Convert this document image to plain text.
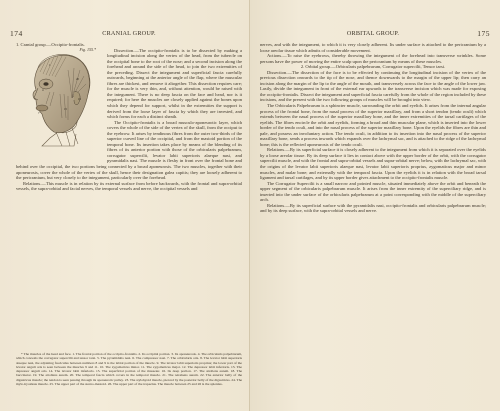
174	CRANIAL GROUP.

1. Cranial group.—Occipito-frontalis.

Fig. 155.*
1
20
4
15
19
7

Dissection.—The occipito-frontalis is to be dissected by making a longitudinal incision along the vertex of the head, from the tubercle on the occipital bone to the root of the nose; and a second incision along the forehead and around the side of the head, to join the two extremities of the preceding. Dissect the integument and superficial fascia carefully outwards, beginning at the anterior angle of the flap, where the muscular fibres are thickest, and remove it altogether. This dissection requires care; for the muscle is very thin, and, without attention, would be raised with the integument. There is no deep fascia on the face and head, nor is it required; for here the muscles are closely applied against the bones upon which they depend for support, whilst in the extremities the support is derived from the loose layer of fascia by which they are invested, and which forms for each a distinct sheath.

The Occipito-frontalis is a broad musculo-aponeurotic layer, which covers the whole of the side of the vertex of the skull, from the occiput to the eyebrow. It arises by tendinous fibres from the outer two-thirds of the superior curved line of the occipital, and from the mastoid portion of the temporal bone. Its insertion takes place by means of the blending of its fibres of its anterior portion with those of the orbicularis palpebrarum, corrugator supercilii, levator labii superioris alaeque nasi, and pyramidalis nasi. The muscle is fleshy in front over the frontal bone and behind over the occipital, the two portions being connected by a broad aponeurosis. The two muscles, together with their aponeurosis, cover the whole of the vertex of the skull, hence their designation galea capitis; they are loosely adherent to the pericranium, but very closely to the integument, particularly over the forehead.

Relations.—This muscle is in relation by its external surface from before backwards, with the frontal and supra-orbital vessels, the supra-orbital and facial nerves, the temporal vessels and nerve, the occipital vessels and

* The muscles of the head and face. 1. The frontal portion of the occipito-frontalis. 2. Its occipital portion. 3. Its aponeurosis. 4. The orbicularis palpebrarum, which conceals the corrugator supercilii and tensor tarsi. 5. The pyramidalis nasi. 6. The compressor nasi. 7. The orbicularis oris. 8. The levator labii superioris alaeque nasi, the adjoining fasciculus between numbers 8 and 9 is the labial portion of the muscle. 9. The levator labii superioris proprius; the lower part of the levator anguli oris is seen between the muscles 9 and 11. 10. The zygomaticus minor. 11. The zygomaticus major. 12. The depressor labii inferioris. 13. The depressor anguli oris. 14. The levator labii inferioris. 15. The superficial portion of the masseter. 16. Its deep portion. 17. The attollens aurem. 18. The buccinator. 19. The attollens aurem. 20. The temporal fascia which covers in the temporal muscle. 21. The retrahens aurem. 22. The anterior belly of the digastricus muscle; the tendon is seen passing through its aponeurotic pulley. 23. The stylohyoid muscle, pierced by the posterior belly of the digastricus. 24. The mylo-hyoideus muscle. 25. The upper part of the sterno-mastoid. 26. The upper part of the trapezius. The muscle between 25 and 26 is the splenius.

ORBITAL GROUP.	175

nerves, and with the integument, to which it is very closely adherent. Its under surface is attached to the pericranium by a loose areolar tissue which admits of considerable movement.

Actions.—To raise the eyebrows, thereby throwing the integument of the forehead into transverse wrinkles. Some persons have the power of moving the entire scalp upon the pericranium by means of these muscles.

2. Orbital group.—Orbicularis palpebrarum, Corrugator supercilii, Tensor tarsi.

Dissection.—The dissection of the face is to be effected by continuing the longitudinal incision of the vertex of the previous dissection onwards to the tip of the nose, and thence downwards to the margin of the upper lip; then carry an incision along the margin of the lip to the angle of the mouth, and transversely across the face to the angle of the lower jaw. Lastly, divide the integument in front of the external ear upwards to the transverse incision which was made for exposing the occipito-frontalis. Dissect the integument and superficial fascia carefully from the whole of the region included by these incisions, and the present with the two following groups of muscles will be brought into view.

The Orbicularis Palpebrarum is a sphincter muscle, surrounding the orbit and eyelids. It arises from the internal angular process of the frontal bone, from the nasal process of the superior maxillary, and from a short tendon (tendo oculi) which extends between the nasal process of the superior maxillary bone, and the inner extremities of the tarsal cartilages of the eyelids. The fibres encircle the orbit and eyelids, forming a broad and thin muscular plane, which is inserted into the lower border of the tendo oculi, and into the nasal process of the superior maxillary bone. Upon the eyelids the fibres are thin and pale, and possess an involuntary action. The tendo oculi, in addition to its insertion into the nasal process of the superior maxillary bone, sends a process inwards which expands over the lachrymal sac, and is attached to the ridge of the lachrymal bone; this is the reflected aponeurosis of the tendo oculi.

Relations.—By its superficial surface it is closely adherent to the integument from which it is separated over the eyelids by a loose areolar tissue. By its deep surface it lies in contact above with the upper border of the orbit, with the corrugator supercilii muscle, and with the frontal and supra-orbital vessels and supra-orbital nerve; below, with the lachrymal sac, with the origins of the levator labii superioris alaeque nasi, levator labii superioris proprius, zygomaticus major and minor muscles, and malar bone; and externally with the temporal fascia. Upon the eyelids it is in relation with the broad tarsal ligament and tarsal cartilages, and by its upper border gives attachment to the occipito-frontalis muscle.

The Corrugator Supercilii is a small narrow and pointed muscle, situated immediately above the orbit and beneath the upper segment of the orbicularis palpebrarum muscle. It arises from the inner extremity of the superciliary ridge, and is inserted into the under surface of the orbicularis palpebrarum at a point corresponding with the middle of the superciliary arch.

Relations.—By its superficial surface with the pyramidalis nasi, occipito-frontalis and orbicularis palpebrarum muscle; and by its deep surface, with the supra-orbital vessels and nerve.
